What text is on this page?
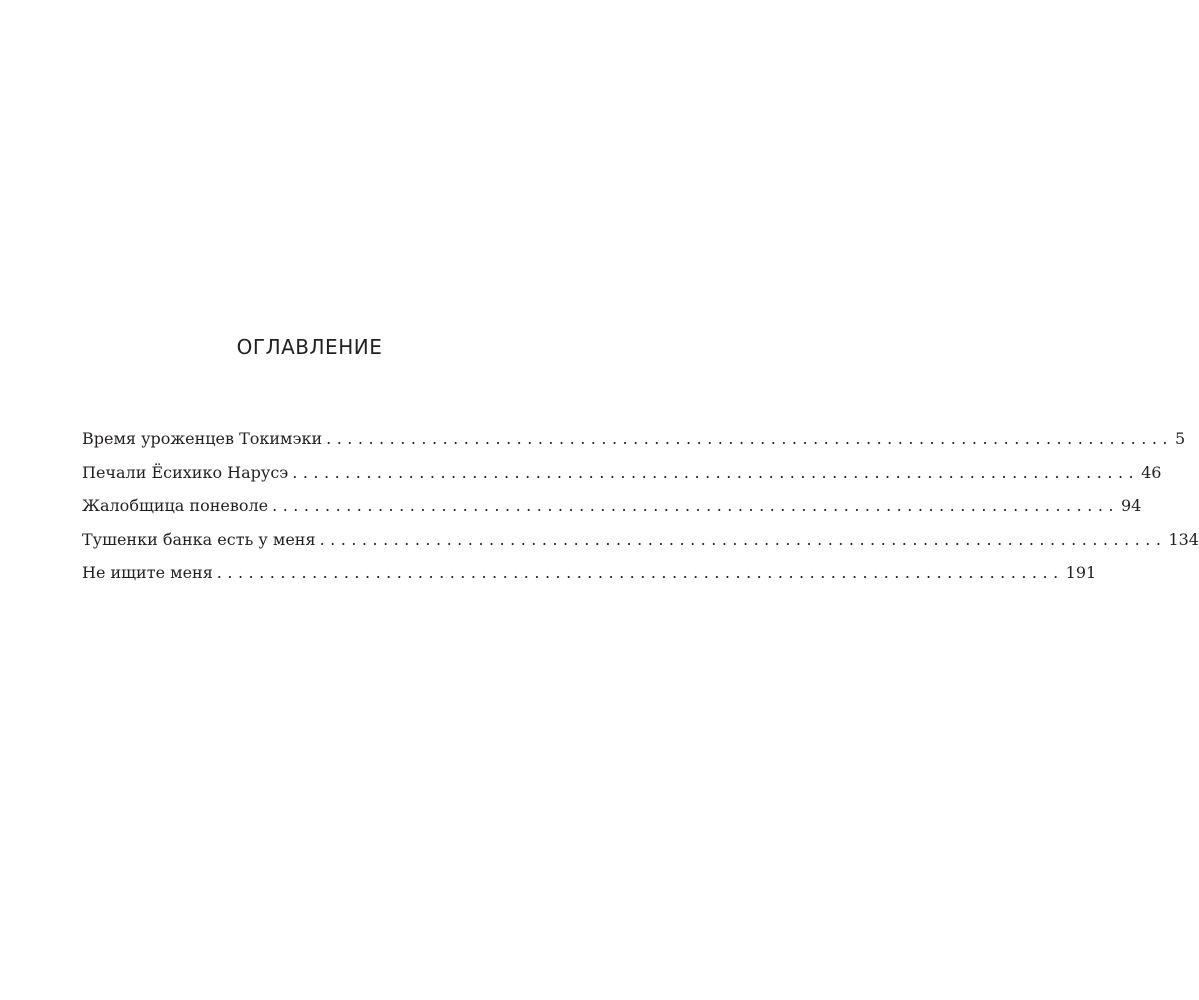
ОГЛАВЛЕНИЕ
Время уроженцев Токимэки ................................................................................ 5
Печали Ёсихико Нарусэ ................................................................................ 46
Жалобщица поневоле ................................................................................ 94
Тушенки банка есть у меня ................................................................................ 134
Не ищите меня ................................................................................ 191
